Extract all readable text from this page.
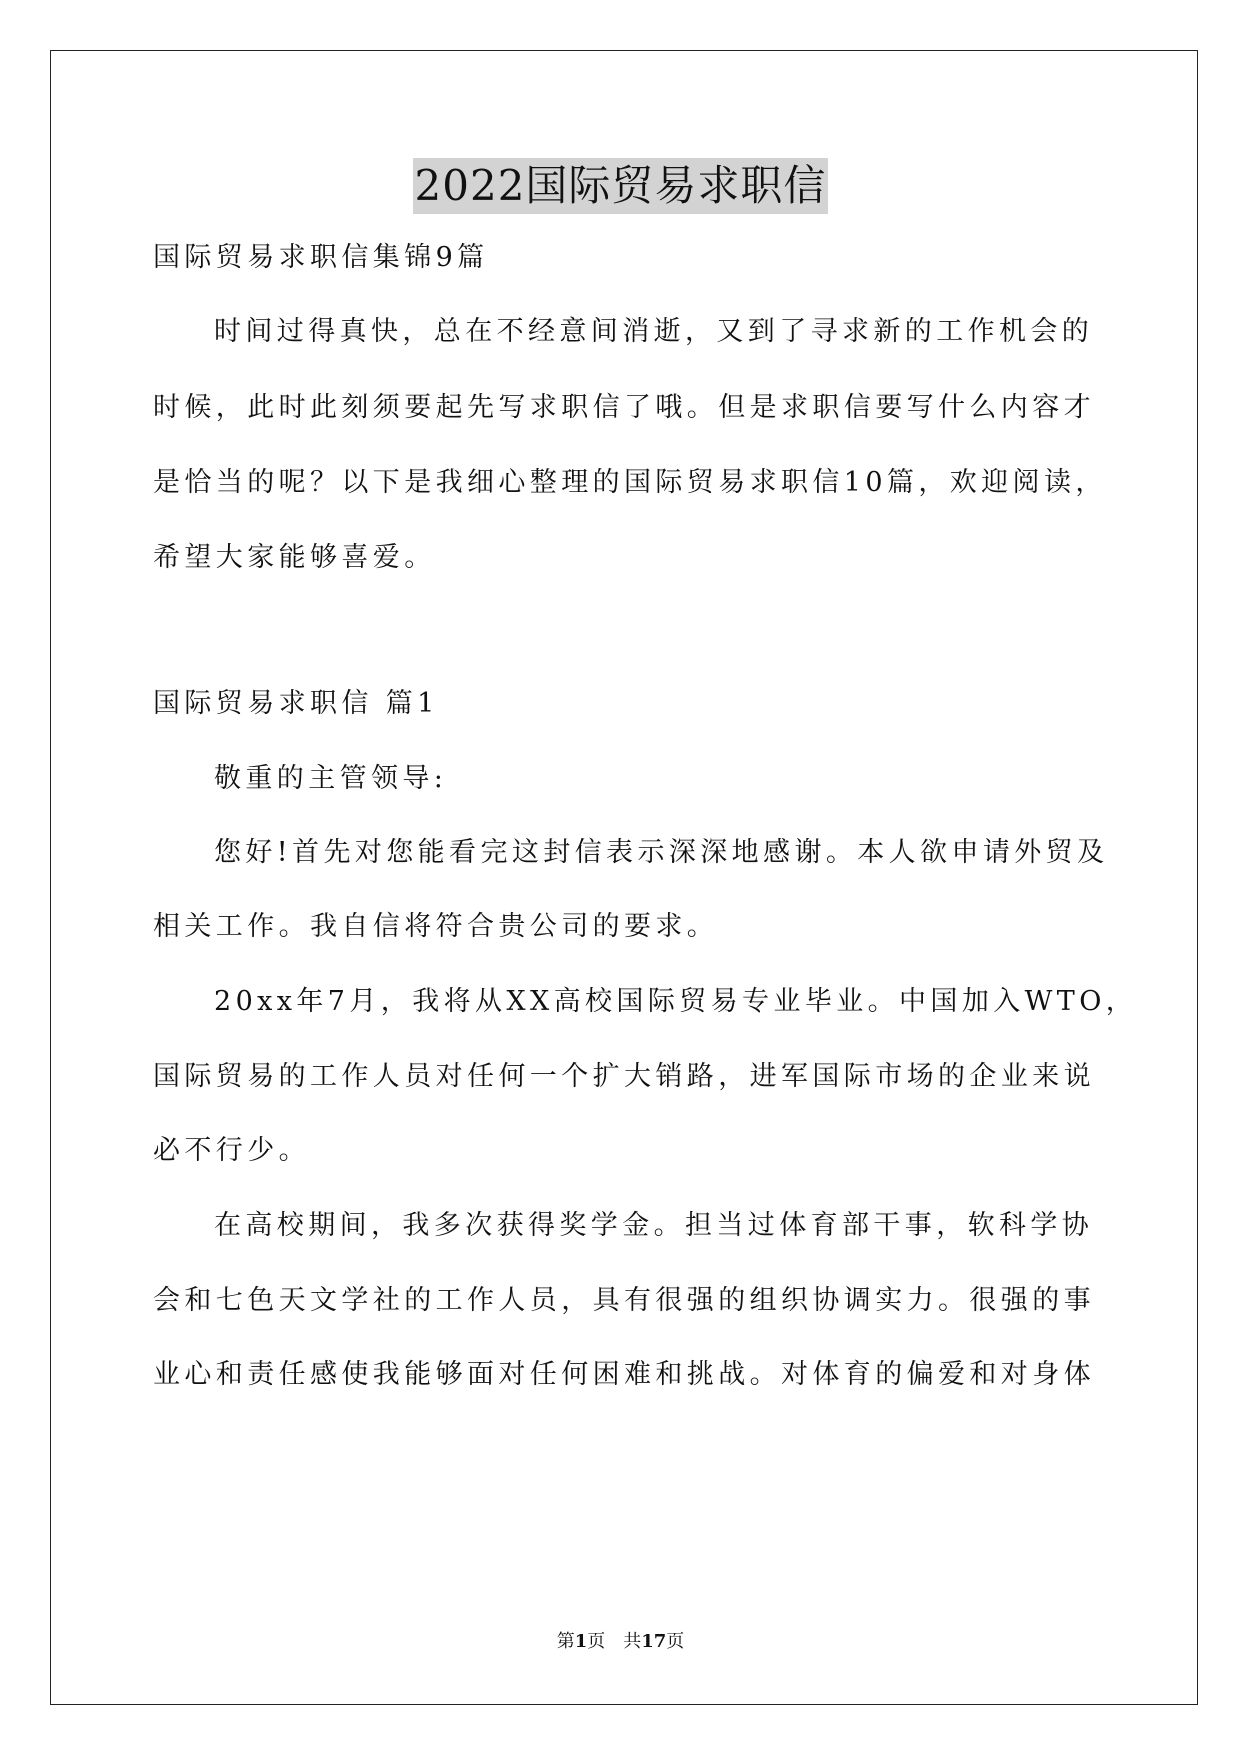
2022国际贸易求职信
国际贸易求职信集锦9篇
时间过得真快，总在不经意间消逝，又到了寻求新的工作机会的
时候，此时此刻须要起先写求职信了哦。但是求职信要写什么内容才
是恰当的呢？以下是我细心整理的国际贸易求职信10篇，欢迎阅读，
希望大家能够喜爱。
国际贸易求职信 篇1
敬重的主管领导:
您好!首先对您能看完这封信表示深深地感谢。本人欲申请外贸及
相关工作。我自信将符合贵公司的要求。
20xx年7月，我将从XX高校国际贸易专业毕业。中国加入WTO，
国际贸易的工作人员对任何一个扩大销路，进军国际市场的企业来说
必不行少。
在高校期间，我多次获得奖学金。担当过体育部干事，软科学协
会和七色天文学社的工作人员，具有很强的组织协调实力。很强的事
业心和责任感使我能够面对任何困难和挑战。对体育的偏爱和对身体
第1页　共17页
